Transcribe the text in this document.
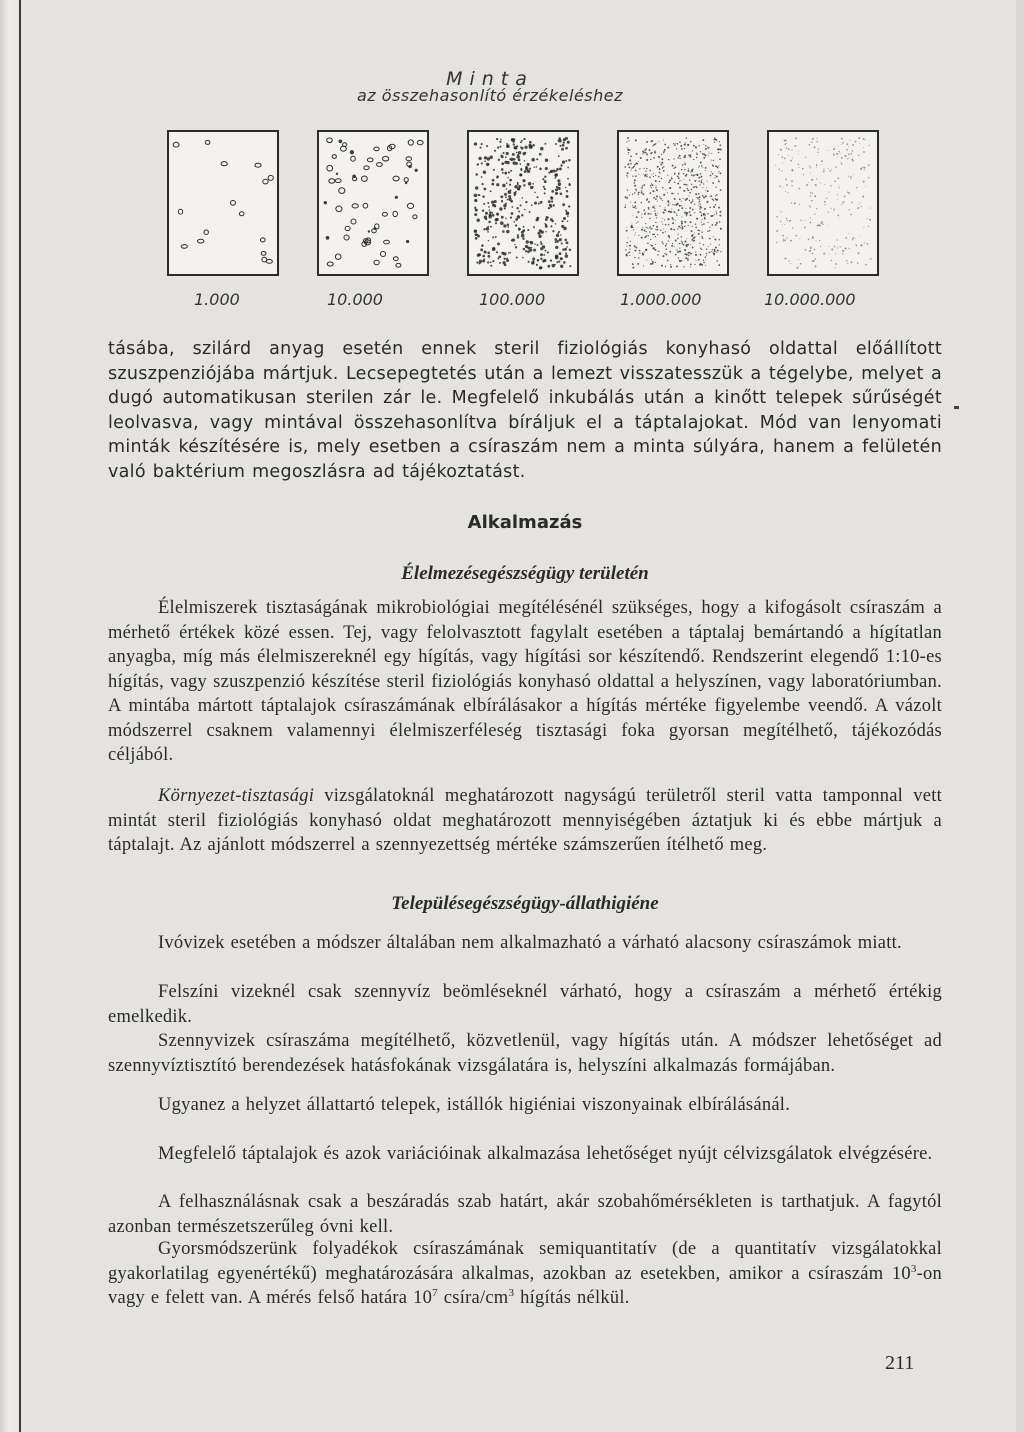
Minta
az összehasonlító érzékeléshez
1.000	10.000	100.000	1.000.000	10.000.000

tásába, szilárd anyag esetén ennek steril fiziológiás konyhasó oldattal előállított szuszpenziójába mártjuk. Lecsepegtetés után a lemezt visszatesszük a tégelybe, melyet a dugó automatikusan sterilen zár le. Megfelelő inkubálás után a kinőtt telepek sűrűségét leolvasva, vagy mintával összehasonlítva bíráljuk el a táptalajokat. Mód van lenyomati minták készítésére is, mely esetben a csíraszám nem a minta súlyára, hanem a felületén való baktérium megoszlásra ad tájékoztatást.

Alkalmazás
Élelmezésegészségügy területén

Élelmiszerek tisztaságának mikrobiológiai megítélésénél szükséges, hogy a kifogásolt csíraszám a mérhető értékek közé essen. Tej, vagy felolvasztott fagylalt esetében a táptalaj bemártandó a hígítatlan anyagba, míg más élelmiszereknél egy hígítás, vagy hígítási sor készítendő. Rendszerint elegendő 1:10-es hígítás, vagy szuszpenzió készítése steril fiziológiás konyhasó oldattal a helyszínen, vagy laboratóriumban. A mintába mártott táptalajok csíraszámának elbírálásakor a hígítás mértéke figyelembe veendő. A vázolt módszerrel csaknem valamennyi élelmiszerféleség tisztasági foka gyorsan megítélhető, tájékozódás céljából.

Környezet-tisztasági vizsgálatoknál meghatározott nagyságú területről steril vatta tamponnal vett mintát steril fiziológiás konyhasó oldat meghatározott mennyiségében áztatjuk ki és ebbe mártjuk a táptalajt. Az ajánlott módszerrel a szennyezettség mértéke számszerűen ítélhető meg.

Településegészségügy-állathigiéne

Ivóvizek esetében a módszer általában nem alkalmazható a várható alacsony csíraszámok miatt.

Felszíni vizeknél csak szennyvíz beömléseknél várható, hogy a csíraszám a mérhető értékig emelkedik.

Szennyvizek csíraszáma megítélhető, közvetlenül, vagy hígítás után. A módszer lehetőséget ad szennyvíztisztító berendezések hatásfokának vizsgálatára is, helyszíni alkalmazás formájában.

Ugyanez a helyzet állattartó telepek, istállók higiéniai viszonyainak elbírálásánál.

Megfelelő táptalajok és azok variációinak alkalmazása lehetőséget nyújt célvizsgálatok elvégzésére.

A felhasználásnak csak a beszáradás szab határt, akár szobahőmérsékleten is tarthatjuk. A fagytól azonban természetszerűleg óvni kell.

Gyorsmódszerünk folyadékok csíraszámának semiquantitatív (de a quantitatív vizsgálatokkal gyakorlatilag egyenértékű) meghatározására alkalmas, azokban az esetekben, amikor a csíraszám $10^3-on$ vagy e felett van. A mérés felső határa $10^7$ csíra/$cm^3$ hígítás nélkül.

211
